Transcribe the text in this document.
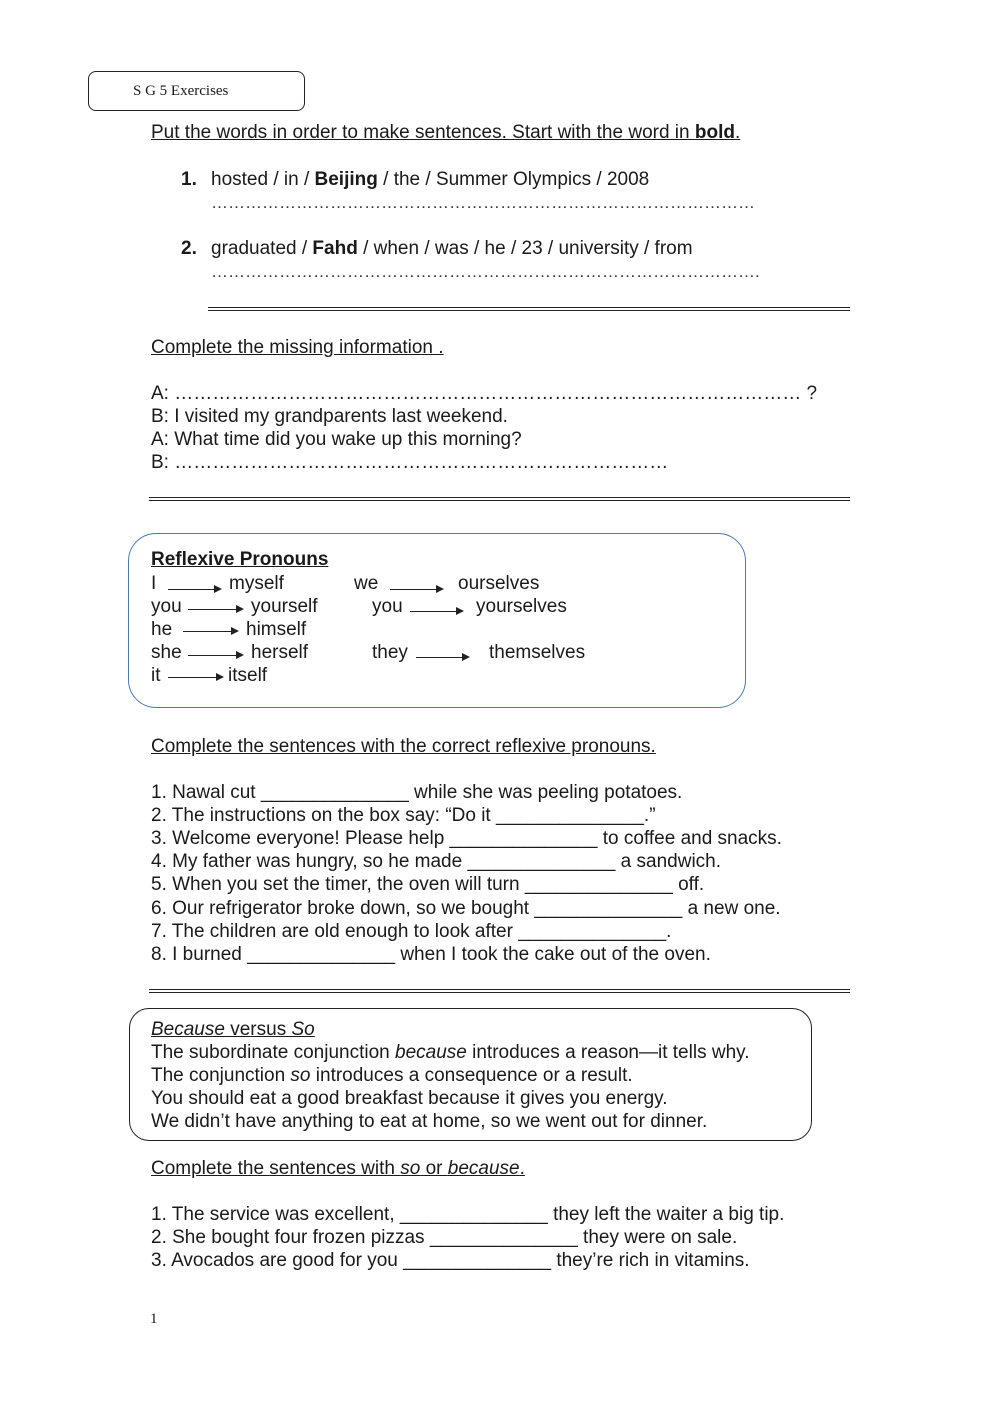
S G 5 Exercises
Put the words in order to make sentences. Start with the word in bold.
1. hosted / in / Beijing / the / Summer Olympics / 2008
……………………………………………………………………………………
2. graduated / Fahd / when / was / he / 23 / university / from
…………………………………………………………………………………….
Complete the missing information .
A: ……………………………………………………………………………………… ?
B: I visited my grandparents last weekend.
A: What time did you wake up this morning?
B: ……………………………………………………………………
Reflexive Pronouns
I	myself
you	yourself
he	himself
she	herself
it	itself
we	ourselves
you	yourselves
they	themselves
Complete the sentences with the correct reflexive pronouns.
1. Nawal cut ______________ while she was peeling potatoes.
2. The instructions on the box say: “Do it ______________.”
3. Welcome everyone! Please help ______________ to coffee and snacks.
4. My father was hungry, so he made ______________ a sandwich.
5. When you set the timer, the oven will turn ______________ off.
6. Our refrigerator broke down, so we bought ______________ a new one.
7. The children are old enough to look after ______________.
8. I burned ______________ when I took the cake out of the oven.
Because versus So
The subordinate conjunction because introduces a reason—it tells why.
The conjunction so introduces a consequence or a result.
You should eat a good breakfast because it gives you energy.
We didn’t have anything to eat at home, so we went out for dinner.
Complete the sentences with so or because.
1. The service was excellent, ______________ they left the waiter a big tip.
2. She bought four frozen pizzas ______________ they were on sale.
3. Avocados are good for you ______________ they’re rich in vitamins.
1
